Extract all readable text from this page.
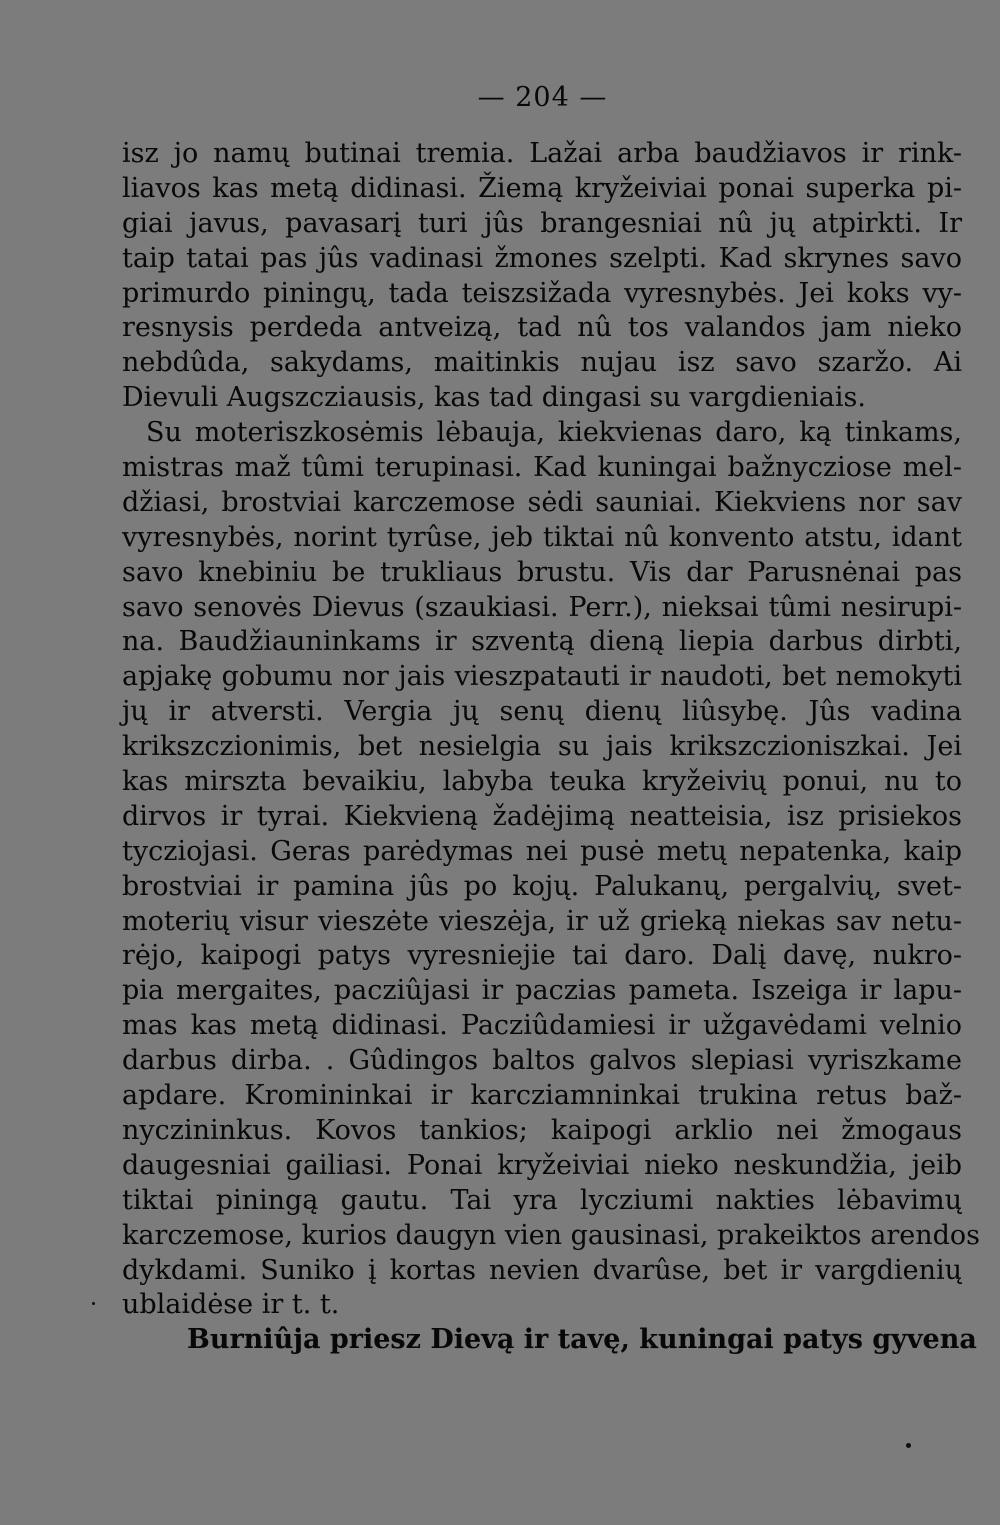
— 204 —
isz jo namų butinai tremia. Lažai arba baudžiavos ir rink-
liavos kas metą didinasi. Žiemą kryžeiviai ponai superka pi-
giai javus, pavasarį turi jûs brangesniai nû jų atpirkti. Ir
taip tatai pas jûs vadinasi žmones szelpti. Kad skrynes savo
primurdo piningų, tada teiszsižada vyresnybės. Jei koks vy-
resnysis perdeda antveizą, tad nû tos valandos jam nieko
nebdûda, sakydams, maitinkis nujau isz savo szaržo. Ai
Dievuli Augszcziausis, kas tad dingasi su vargdieniais.
Su moteriszkosėmis lėbauja, kiekvienas daro, ką tinkams,
mistras maž tûmi terupinasi. Kad kuningai bažnycziose mel-
džiasi, brostviai karczemose sėdi sauniai. Kiekviens nor sav
vyresnybės, norint tyrûse, jeb tiktai nû konvento atstu, idant
savo knebiniu be trukliaus brustu. Vis dar Parusnėnai pas
savo senovės Dievus (szaukiasi. Perr.), nieksai tûmi nesirupi-
na. Baudžiauninkams ir szventą dieną liepia darbus dirbti,
apjakę gobumu nor jais vieszpatauti ir naudoti, bet nemokyti
jų ir atversti. Vergia jų senų dienų liûsybę. Jûs vadina
krikszczionimis, bet nesielgia su jais krikszczioniszkai. Jei
kas mirszta bevaikiu, labyba teuka kryžeivių ponui, nu to
dirvos ir tyrai. Kiekvieną žadėjimą neatteisia, isz prisiekos
tycziojasi. Geras parėdymas nei pusė metų nepatenka, kaip
brostviai ir pamina jûs po kojų. Palukanų, pergalvių, svet-
moterių visur vieszėte vieszėja, ir už grieką niekas sav netu-
rėjo, kaipogi patys vyresniejie tai daro. Dalį davę, nukro-
pia mergaites, pacziûjasi ir paczias pameta. Iszeiga ir lapu-
mas kas metą didinasi. Pacziûdamiesi ir užgavėdami velnio
darbus dirba. . Gûdingos baltos galvos slepiasi vyriszkame
apdare. Kromininkai ir karcziamninkai trukina retus baž-
nyczininkus. Kovos tankios; kaipogi arklio nei žmogaus
daugesniai gailiasi. Ponai kryžeiviai nieko neskundžia, jeib
tiktai piningą gautu. Tai yra lycziumi nakties lėbavimų
karczemose, kurios daugyn vien gausinasi, prakeiktos arendos
dykdami. Suniko į kortas nevien dvarûse, bet ir vargdienių
ublaidėse ir t. t.
Burniûja priesz Dievą ir tavę, kuningai patys gyvena
